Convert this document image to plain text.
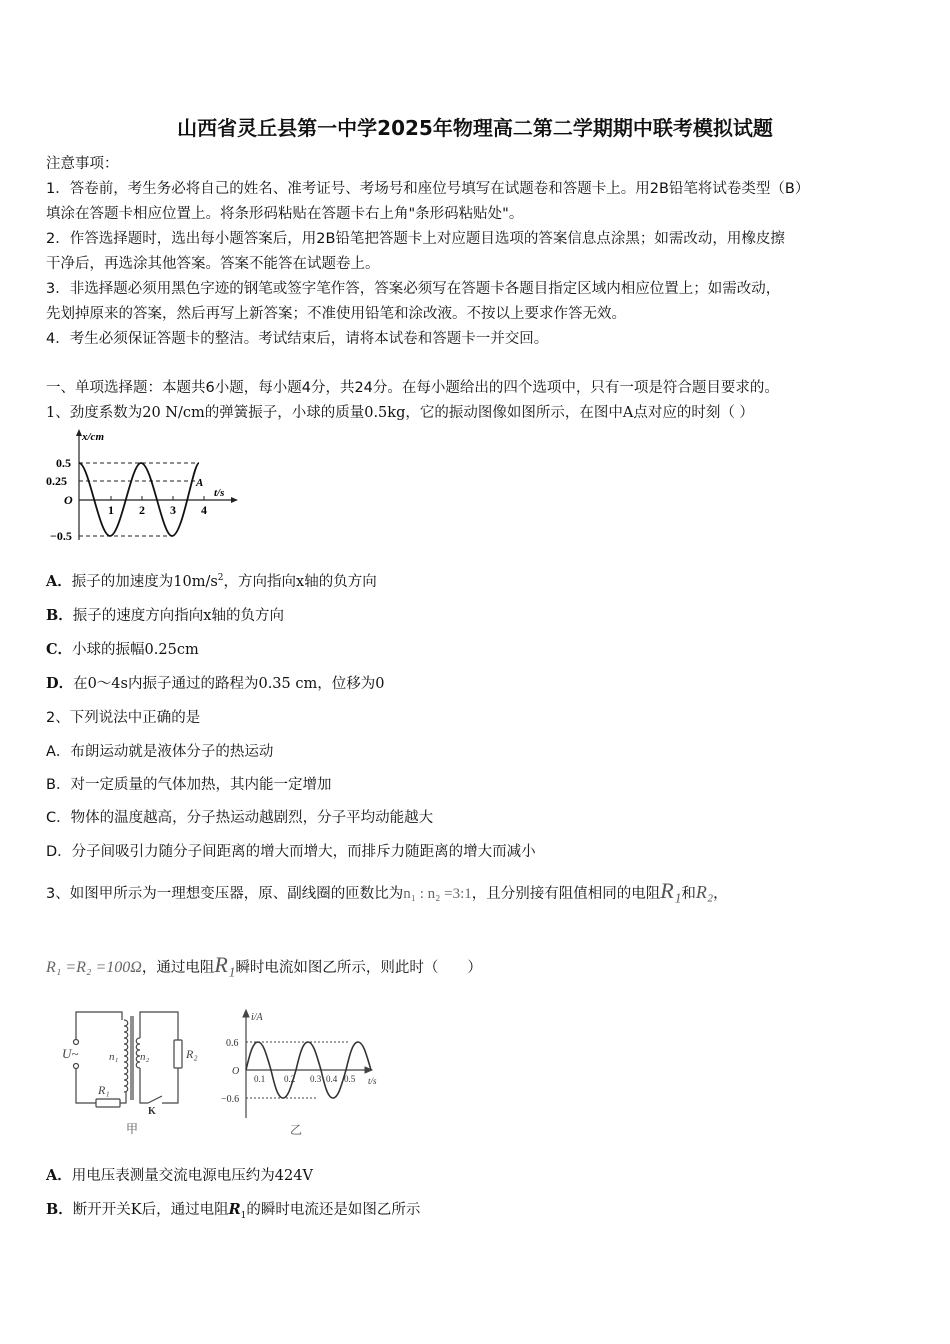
山西省灵丘县第一中学2025年物理高二第二学期期中联考模拟试题
注意事项：
1．答卷前，考生务必将自己的姓名、准考证号、考场号和座位号填写在试题卷和答题卡上。用2B铅笔将试卷类型（B）
填涂在答题卡相应位置上。将条形码粘贴在答题卡右上角"条形码粘贴处"。
2．作答选择题时，选出每小题答案后，用2B铅笔把答题卡上对应题目选项的答案信息点涂黑；如需改动，用橡皮擦
干净后，再选涂其他答案。答案不能答在试题卷上。
3．非选择题必须用黑色字迹的钢笔或签字笔作答，答案必须写在答题卡各题目指定区域内相应位置上；如需改动，
先划掉原来的答案，然后再写上新答案；不准使用铅笔和涂改液。不按以上要求作答无效。
4．考生必须保证答题卡的整洁。考试结束后，请将本试卷和答题卡一并交回。
一、单项选择题：本题共6小题，每小题4分，共24分。在每小题给出的四个选项中，只有一项是符合题目要求的。
1、劲度系数为20 N/cm的弹簧振子，小球的质量0.5kg，它的振动图像如图所示，在图中A点对应的时刻（ ）
x/cm
t/s
0.5
0.25
O
−0.5
1 2 3 4
A
A．振子的加速度为$10m/s^2$，方向指向x轴的负方向
B．振子的速度方向指向x轴的负方向
C．小球的振幅0.25cm
D．在0～4s内振子通过的路程为0.35 cm，位移为0
2、下列说法中正确的是
A．布朗运动就是液体分子的热运动
B．对一定质量的气体加热，其内能一定增加
C．物体的温度越高，分子热运动越剧烈，分子平均动能越大
D．分子间吸引力随分子间距离的增大而增大，而排斥力随距离的增大而减小
3、如图甲所示为一理想变压器，原、副线圈的匝数比为n₁ : n₂ =3:1，且分别接有阻值相同的电阻R₁和R₂，
R₁ =R₂ =100Ω，通过电阻R₁瞬时电流如图乙所示，则此时（　　）
U~	n₁ n₂
R₁
R₂
K
甲
i/A
t/s
0.6
O
−0.6
0.1 0.2 0.3 0.4 0.5
乙
A．用电压表测量交流电源电压约为424V
B．断开开关K后，通过电阻$R_1$的瞬时电流还是如图乙所示
